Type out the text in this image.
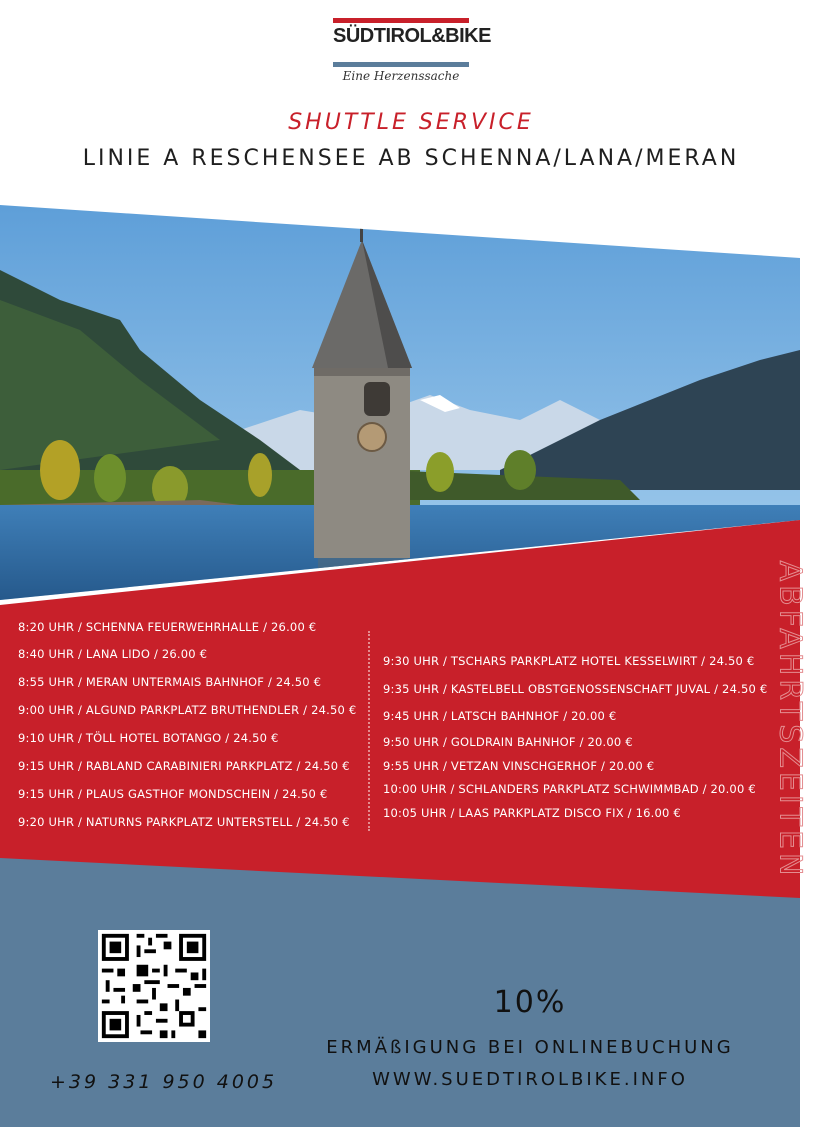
SÜDTIROL&BIKE
Eine Herzenssache
SHUTTLE SERVICE
LINIE A RESCHENSEE AB SCHENNA/LANA/MERAN
ABFAHRTSZEITEN
8:20 UHR / SCHENNA FEUERWEHRHALLE / 26.00 €
8:40 UHR / LANA LIDO / 26.00 €
8:55 UHR / MERAN UNTERMAIS BAHNHOF / 24.50 €
9:00 UHR / ALGUND PARKPLATZ BRUTHENDLER / 24.50 €
9:10 UHR / TÖLL HOTEL BOTANGO / 24.50 €
9:15 UHR / RABLAND CARABINIERI PARKPLATZ / 24.50 €
9:15 UHR / PLAUS GASTHOF MONDSCHEIN / 24.50 €
9:20 UHR / NATURNS PARKPLATZ UNTERSTELL / 24.50 €
9:30 UHR / TSCHARS PARKPLATZ HOTEL KESSELWIRT / 24.50 €
9:35 UHR / KASTELBELL OBSTGENOSSENSCHAFT JUVAL / 24.50 €
9:45 UHR / LATSCH BAHNHOF / 20.00 €
9:50 UHR / GOLDRAIN BAHNHOF / 20.00 €
9:55 UHR / VETZAN VINSCHGERHOF / 20.00 €
10:00 UHR / SCHLANDERS PARKPLATZ SCHWIMMBAD / 20.00 €
10:05 UHR / LAAS PARKPLATZ DISCO FIX / 16.00 €
+39 331 950 4005
10%
ERMÄßIGUNG BEI ONLINEBUCHUNG
WWW.SUEDTIROLBIKE.INFO
